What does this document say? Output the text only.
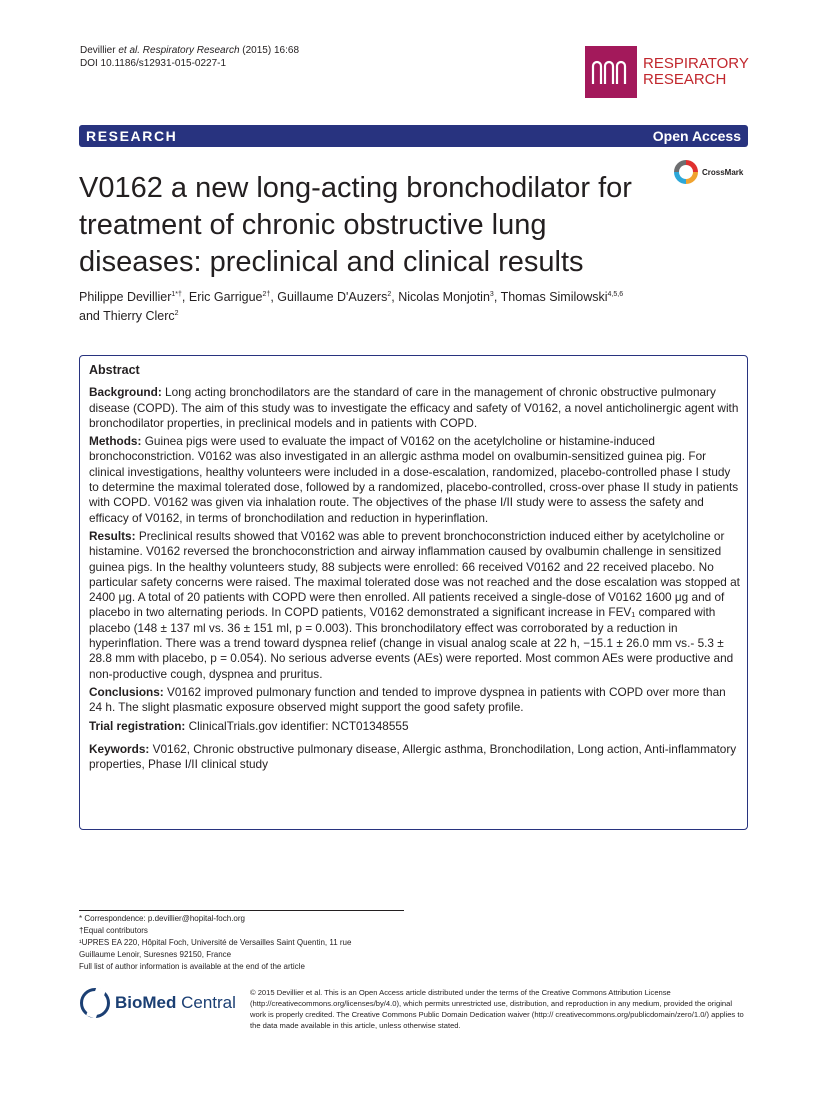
Devillier et al. Respiratory Research (2015) 16:68
DOI 10.1186/s12931-015-0227-1	RESPIRATORY
RESEARCH
RESEARCH	Open Access
V0162 a new long-acting bronchodilator for treatment of chronic obstructive lung diseases: preclinical and clinical results
CrossMark
Philippe Devillier$^{1*\dagger}$, Eric Garrigue$^{2\dagger}$, Guillaume D'Auzers$^2$, Nicolas Monjotin$^3$, Thomas Similowski$^{4,5,6}$
and Thierry Clerc$^2$
Abstract
Background: Long acting bronchodilators are the standard of care in the management of chronic obstructive pulmonary disease (COPD). The aim of this study was to investigate the efficacy and safety of V0162, a novel anticholinergic agent with bronchodilator properties, in preclinical models and in patients with COPD.
Methods: Guinea pigs were used to evaluate the impact of V0162 on the acetylcholine or histamine-induced bronchoconstriction. V0162 was also investigated in an allergic asthma model on ovalbumin-sensitized guinea pig. For clinical investigations, healthy volunteers were included in a dose-escalation, randomized, placebo-controlled phase I study to determine the maximal tolerated dose, followed by a randomized, placebo-controlled, cross-over phase II study in patients with COPD. V0162 was given via inhalation route. The objectives of the phase I/II study were to assess the safety and efficacy of V0162, in terms of bronchodilation and reduction in hyperinflation.
Results: Preclinical results showed that V0162 was able to prevent bronchoconstriction induced either by acetylcholine or histamine. V0162 reversed the bronchoconstriction and airway inflammation caused by ovalbumin challenge in sensitized guinea pigs. In the healthy volunteers study, 88 subjects were enrolled: 66 received V0162 and 22 received placebo. No particular safety concerns were raised. The maximal tolerated dose was not reached and the dose escalation was stopped at 2400 μg. A total of 20 patients with COPD were then enrolled. All patients received a single-dose of V0162 1600 μg and of placebo in two alternating periods. In COPD patients, V0162 demonstrated a significant increase in FEV₁ compared with placebo (148 ± 137 ml vs. 36 ± 151 ml, p = 0.003). This bronchodilatory effect was corroborated by a reduction in hyperinflation. There was a trend toward dyspnea relief (change in visual analog scale at 22 h, −15.1 ± 26.0 mm vs.- 5.3 ± 28.8 mm with placebo, p = 0.054). No serious adverse events (AEs) were reported. Most common AEs were productive and non-productive cough, dyspnea and pruritus.
Conclusions: V0162 improved pulmonary function and tended to improve dyspnea in patients with COPD over more than 24 h. The slight plasmatic exposure observed might support the good safety profile.
Trial registration: ClinicalTrials.gov identifier: NCT01348555
Keywords: V0162, Chronic obstructive pulmonary disease, Allergic asthma, Bronchodilation, Long action, Anti-inflammatory properties, Phase I/II clinical study
* Correspondence: p.devillier@hopital-foch.org
†Equal contributors
¹UPRES EA 220, Hôpital Foch, Université de Versailles Saint Quentin, 11 rue
Guillaume Lenoir, Suresnes 92150, France
Full list of author information is available at the end of the article
BioMed Central
© 2015 Devillier et al. This is an Open Access article distributed under the terms of the Creative Commons Attribution License (http://creativecommons.org/licenses/by/4.0), which permits unrestricted use, distribution, and reproduction in any medium, provided the original work is properly credited. The Creative Commons Public Domain Dedication waiver (http:// creativecommons.org/publicdomain/zero/1.0/) applies to the data made available in this article, unless otherwise stated.
